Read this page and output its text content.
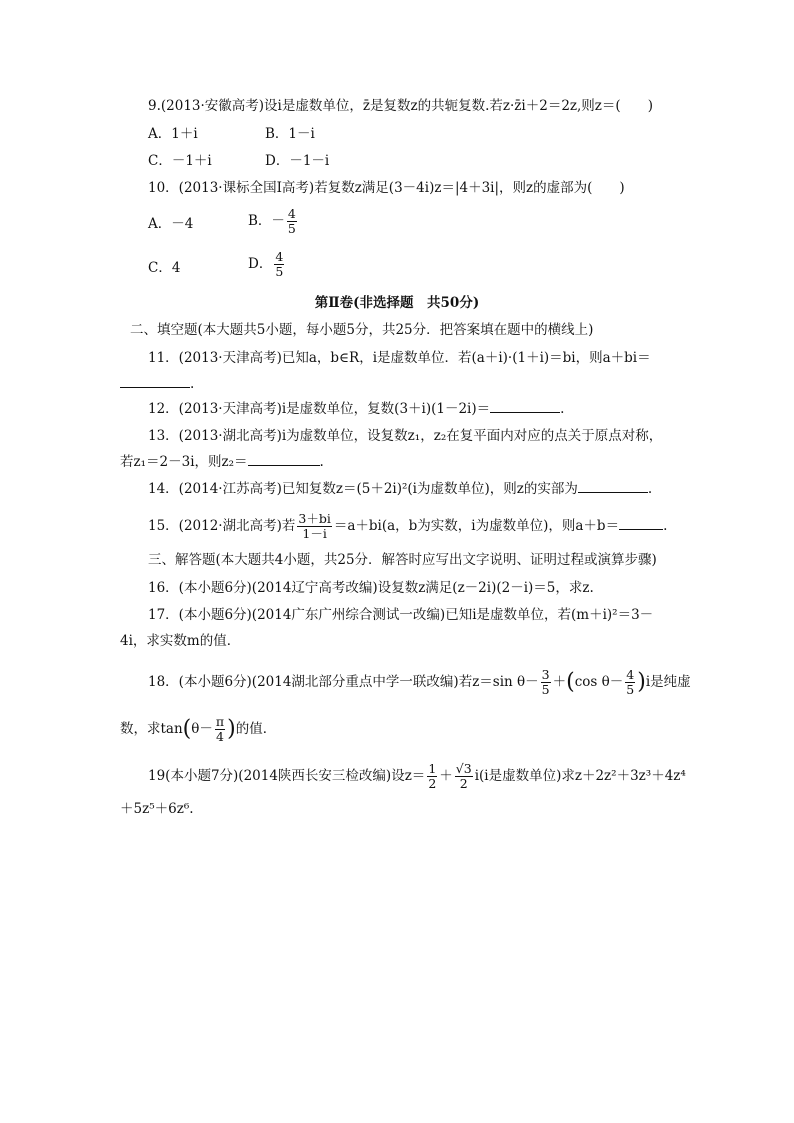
9.(2013·安徽高考)设i是虚数单位，z̄是复数z的共轭复数.若z·z̄i＋2＝2z,则z＝(　　)
A．1＋i	B．1－i
C．－1＋i	D．－1－i
10．(2013·课标全国Ⅰ高考)若复数z满足(3－4i)z＝|4＋3i|，则z的虚部为(　　)
A．－4	B．－ $\frac{4}{5}$
C．4	D． $\frac{4}{5}$
第Ⅱ卷(非选择题　共50分)
二、填空题(本大题共5小题，每小题5分，共25分．把答案填在题中的横线上)
11．(2013·天津高考)已知a，b∈R，i是虚数单位．若(a＋i)·(1＋i)＝bi，则a＋bi＝
.
12．(2013·天津高考)i是虚数单位，复数(3＋i)(1－2i)＝	.
13．(2013·湖北高考)i为虚数单位，设复数z₁，z₂在复平面内对应的点关于原点对称，
若z₁＝2－3i，则z₂＝	.
14．(2014·江苏高考)已知复数z＝(5＋2i)²(i为虚数单位)，则z的实部为	.
15．(2012·湖北高考)若 $\frac{3+bi}{1-i} =a+bi(a$，b为实数，i为虚数单位)，则a＋b＝	.
三、解答题(本大题共4小题，共25分．解答时应写出文字说明、证明过程或演算步骤)
16．(本小题6分)(2014辽宁高考改编)设复数z满足(z－2i)(2－i)＝5，求z.
17．(本小题6分)(2014广东广州综合测试一改编)已知i是虚数单位，若(m＋i)²＝3－
4i，求实数m的值．
18．(本小题6分)(2014湖北部分重点中学一联改编)若z＝sin $\theta- \frac{3}{5} +(\cos$ $\theta- \frac{4}{5} )i$是纯虚
数，求$\tan(\theta- \frac{\pi}{4}$ )的值．
19(本小题7分)(2014陕西长安三检改编)设$z= \frac{1}{2} + \frac{√3}{2} i(i$是虚数单位)求z＋2z²＋3z³＋4z⁴
＋5z⁵＋6z⁶.
